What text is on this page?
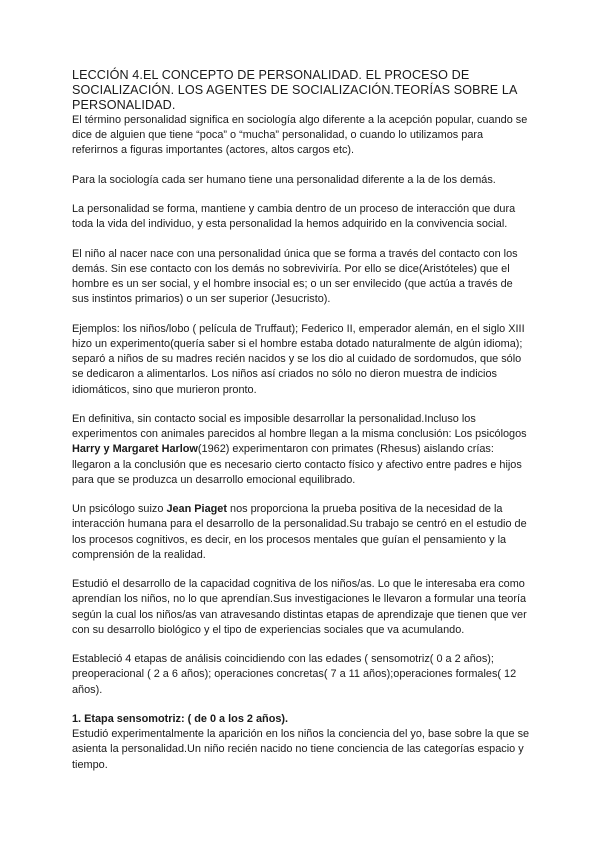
LECCIÓN 4.EL CONCEPTO DE PERSONALIDAD. EL PROCESO DE SOCIALIZACIÓN. LOS AGENTES DE SOCIALIZACIÓN.TEORÍAS SOBRE LA PERSONALIDAD.

El término personalidad significa en sociología algo diferente a la acepción popular, cuando se dice de alguien que tiene “poca” o “mucha” personalidad, o cuando lo utilizamos para referirnos a figuras importantes (actores, altos cargos etc).

Para la sociología cada ser humano tiene una personalidad diferente a la de los demás.

La personalidad se forma, mantiene y cambia dentro de un proceso de interacción que dura toda la vida del individuo, y esta personalidad la hemos adquirido en la convivencia social.

El niño al nacer nace con una personalidad única que se forma a través del contacto con los demás. Sin ese contacto con los demás no sobreviviría. Por ello se dice(Aristóteles) que el hombre es un ser social, y el hombre insocial es; o un ser envilecido (que actúa a través de sus instintos primarios) o un ser superior (Jesucristo).

Ejemplos: los niños/lobo ( película de Truffaut); Federico II, emperador alemán, en el siglo XIII hizo un experimento(quería saber si el hombre estaba dotado naturalmente de algún idioma); separó a niños de su madres recién nacidos y se los dio al cuidado de sordomudos, que sólo se dedicaron a alimentarlos. Los niños así criados no sólo no dieron muestra de indicios idiomáticos, sino que murieron pronto.

En definitiva, sin contacto social es imposible desarrollar la personalidad.Incluso los experimentos con animales parecidos al hombre llegan a la misma conclusión: Los psicólogos Harry y Margaret Harlow(1962) experimentaron con primates (Rhesus) aislando crías: llegaron a la conclusión que es necesario cierto contacto físico y afectivo entre padres e hijos para que se produzca un desarrollo emocional equilibrado.

Un psicólogo suizo Jean Piaget nos proporciona la prueba positiva de la necesidad de la interacción humana para el desarrollo de la personalidad.Su trabajo se centró en el estudio de los procesos cognitivos, es decir, en los procesos mentales que guían el pensamiento y la comprensión de la realidad.

Estudió el desarrollo de la capacidad cognitiva de los niños/as. Lo que le interesaba era como aprendían los niños, no lo que aprendían.Sus investigaciones le llevaron a formular una teoría según la cual los niños/as van atravesando distintas etapas de aprendizaje que tienen que ver con su desarrollo biológico y el tipo de experiencias sociales que va acumulando.

Estableció 4 etapas de análisis coincidiendo con las edades ( sensomotriz( 0 a 2 años); preoperacional ( 2 a 6 años); operaciones concretas( 7 a 11 años);operaciones formales( 12 años).

1. Etapa sensomotriz: ( de 0 a los 2 años).

Estudió experimentalmente la aparición en los niños la conciencia del yo, base sobre la que se asienta la personalidad.Un niño recién nacido no tiene conciencia de las categorías espacio y tiempo.
